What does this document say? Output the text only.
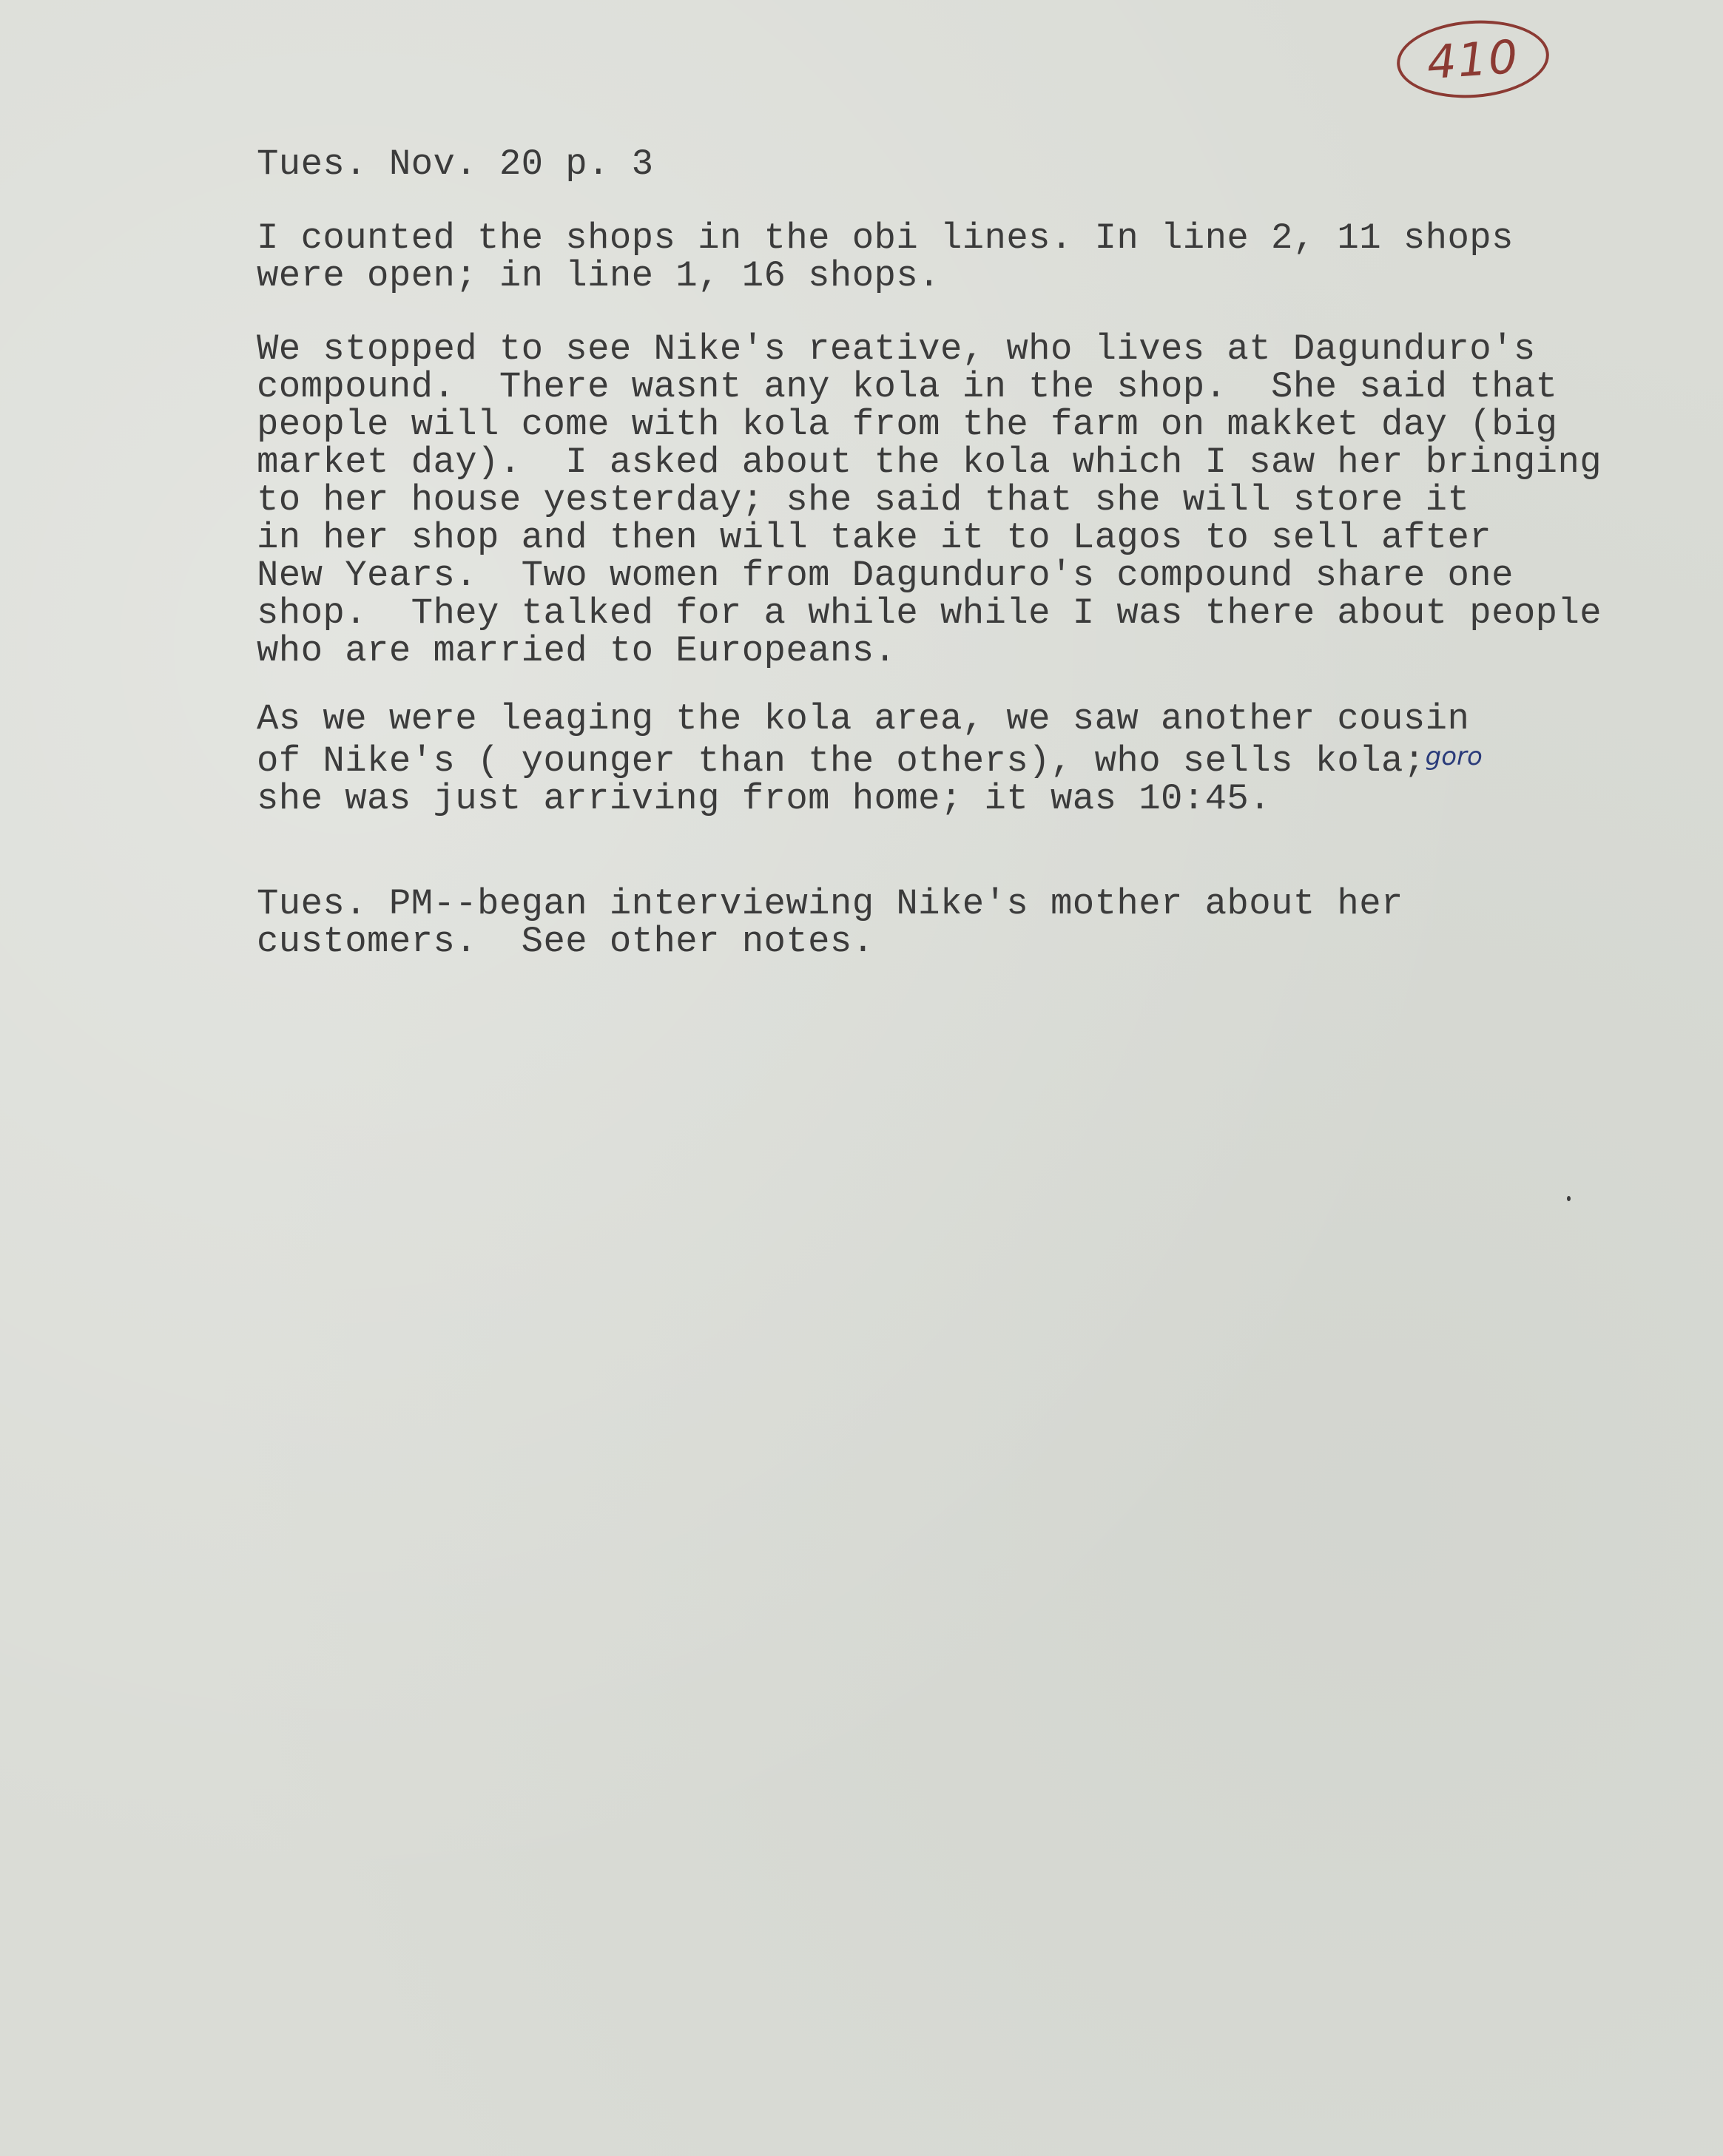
410
Tues. Nov. 20 p. 3
I counted the shops in the obi lines. In line 2, 11 shops
were open; in line 1, 16 shops.
We stopped to see Nike's reative, who lives at Dagunduro's
compound.  There wasnt any kola in the shop.  She said that
people will come with kola from the farm on makket day (big
market day).  I asked about the kola which I saw her bringing
to her house yesterday; she said that she will store it
in her shop and then will take it to Lagos to sell after
New Years.  Two women from Dagunduro's compound share one
shop.  They talked for a while while I was there about people
who are married to Europeans.
As we were leaging the kola area, we saw another cousin
of Nike's ( younger than the others), who sells kola;goro
she was just arriving from home; it was 10:45.
Tues. PM--began interviewing Nike's mother about her
customers.  See other notes.
